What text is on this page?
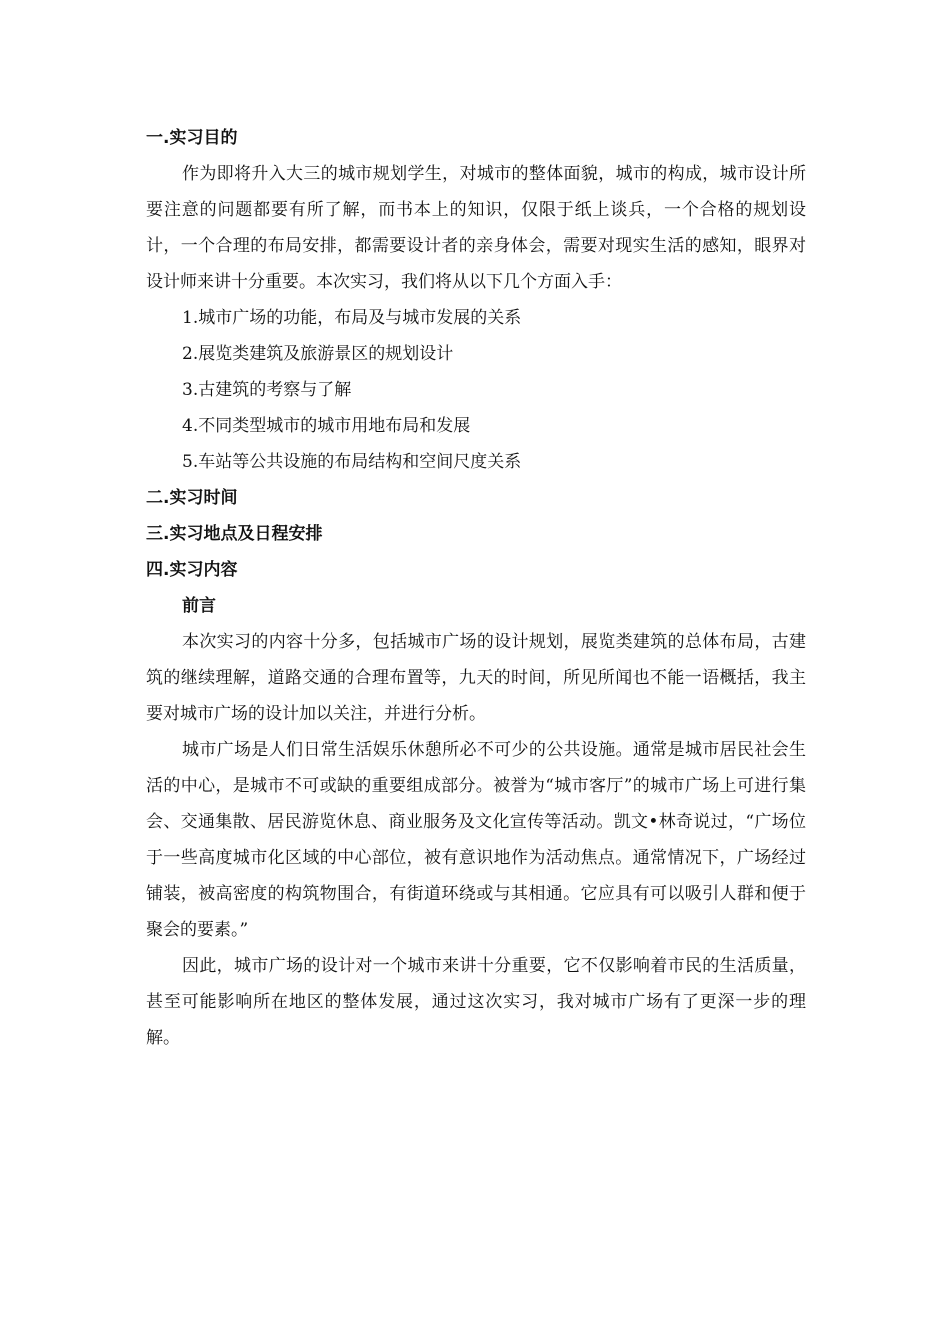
一.实习目的

作为即将升入大三的城市规划学生，对城市的整体面貌，城市的构成，城市设计所要注意的问题都要有所了解，而书本上的知识，仅限于纸上谈兵，一个合格的规划设计，一个合理的布局安排，都需要设计者的亲身体会，需要对现实生活的感知，眼界对设计师来讲十分重要。本次实习，我们将从以下几个方面入手：

1.城市广场的功能，布局及与城市发展的关系
2.展览类建筑及旅游景区的规划设计
3.古建筑的考察与了解
4.不同类型城市的城市用地布局和发展
5.车站等公共设施的布局结构和空间尺度关系
二.实习时间
三.实习地点及日程安排
四.实习内容
前言

本次实习的内容十分多，包括城市广场的设计规划，展览类建筑的总体布局，古建筑的继续理解，道路交通的合理布置等，九天的时间，所见所闻也不能一语概括，我主要对城市广场的设计加以关注，并进行分析。

城市广场是人们日常生活娱乐休憩所必不可少的公共设施。通常是城市居民社会生活的中心，是城市不可或缺的重要组成部分。被誉为“城市客厅”的城市广场上可进行集会、交通集散、居民游览休息、商业服务及文化宣传等活动。凯文•林奇说过，“广场位于一些高度城市化区域的中心部位，被有意识地作为活动焦点。通常情况下，广场经过铺装，被高密度的构筑物围合，有街道环绕或与其相通。它应具有可以吸引人群和便于聚会的要素。”

因此，城市广场的设计对一个城市来讲十分重要，它不仅影响着市民的生活质量，甚至可能影响所在地区的整体发展，通过这次实习，我对城市广场有了更深一步的理解。
